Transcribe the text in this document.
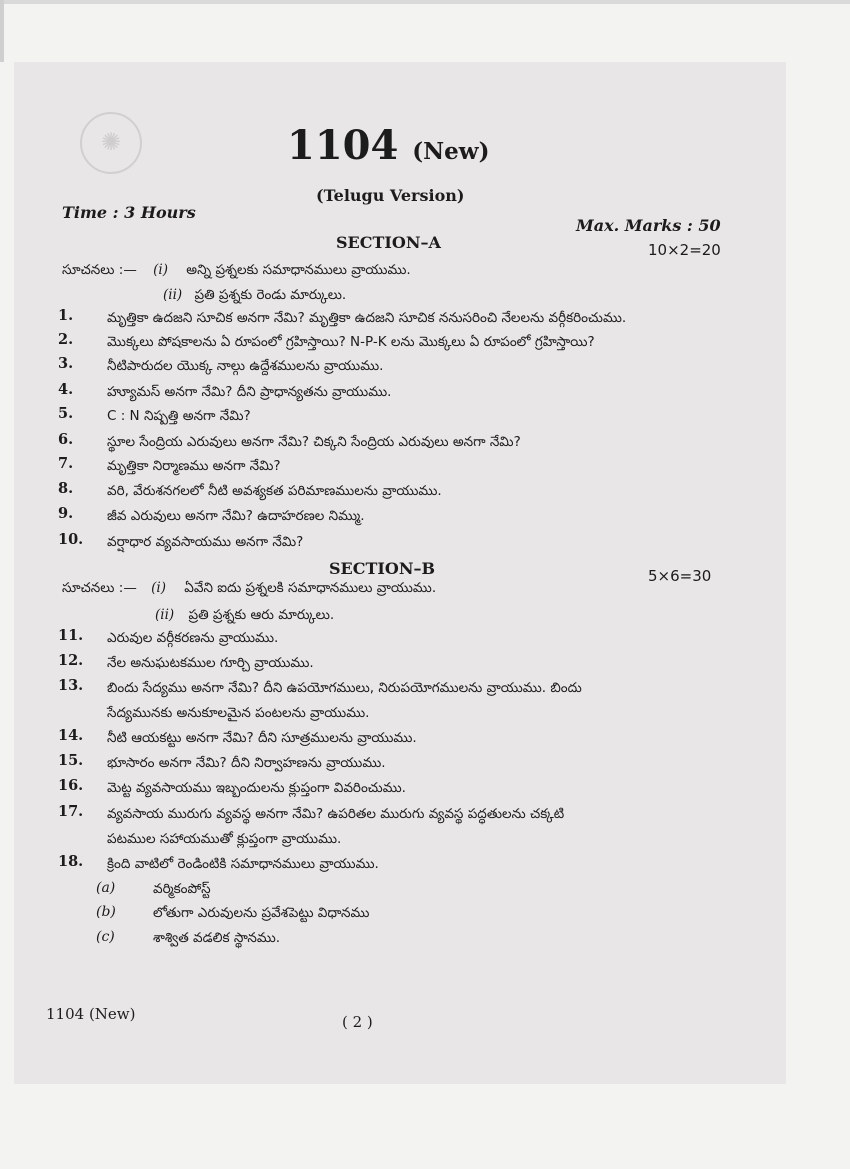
✺	1104 (New)
(Telugu Version)
Time : 3 Hours
Max. Marks : 50
SECTION–A	10×2=20
సూచనలు :— (i) అన్ని ప్రశ్నలకు సమాధానములు వ్రాయుము.
(ii) ప్రతి ప్రశ్నకు రెండు మార్కులు.
1.	మృత్తికా ఉదజని సూచిక అనగా నేమి? మృత్తికా ఉదజని సూచిక ననుసరించి నేలలను వర్గీకరించుము.
2.	మొక్కలు పోషకాలను ఏ రూపంలో గ్రహిస్తాయి? N-P-K లను మొక్కలు ఏ రూపంలో గ్రహిస్తాయి?
3.	నీటిపారుదల యొక్క నాల్గు ఉద్దేశములను వ్రాయుము.
4.	హ్యూమస్ అనగా నేమి? దీని ప్రాధాన్యతను వ్రాయుము.
5.	C : N నిష్పత్తి అనగా నేమి?
6.	స్థూల సేంద్రియ ఎరువులు అనగా నేమి? చిక్కని సేంద్రియ ఎరువులు అనగా నేమి?
7.	మృత్తికా నిర్మాణము అనగా నేమి?
8.	వరి, వేరుశనగలలో నీటి అవశ్యకత పరిమాణములను వ్రాయుము.
9.	జీవ ఎరువులు అనగా నేమి? ఉదాహరణల నిమ్ము.
10. వర్షాధార వ్యవసాయము అనగా నేమి?
SECTION–B	5×6=30
సూచనలు :— (i) ఏవేని ఐదు ప్రశ్నలకి సమాధానములు వ్రాయుము.
(ii) ప్రతి ప్రశ్నకు ఆరు మార్కులు.
11. ఎరువుల వర్గీకరణను వ్రాయుము.
12. నేల అనుఘటకముల గూర్చి వ్రాయుము.
13. బిందు సేద్యము అనగా నేమి? దీని ఉపయోగములు, నిరుపయోగములను వ్రాయుము. బిందు
సేద్యమునకు అనుకూలమైన పంటలను వ్రాయుము.
14. నీటి ఆయకట్టు అనగా నేమి? దీని సూత్రములను వ్రాయుము.
15. భూసారం అనగా నేమి? దీని నిర్వాహణను వ్రాయుము.
16. మెట్ట వ్యవసాయము ఇబ్బందులను క్లుప్తంగా వివరించుము.
17. వ్యవసాయ మురుగు వ్యవస్థ అనగా నేమి? ఉపరితల మురుగు వ్యవస్థ పద్ధతులను చక్కటి
పటముల సహాయముతో క్లుప్తంగా వ్రాయుము.
18. క్రింది వాటిలో రెండింటికి సమాధానములు వ్రాయుము.
(a)	వర్మికంపోస్ట్
(b)	లోతుగా ఎరువులను ప్రవేశపెట్టు విధానము
(c)	శాశ్విత వడలిక స్థానము.
1104 (New)	( 2 )
